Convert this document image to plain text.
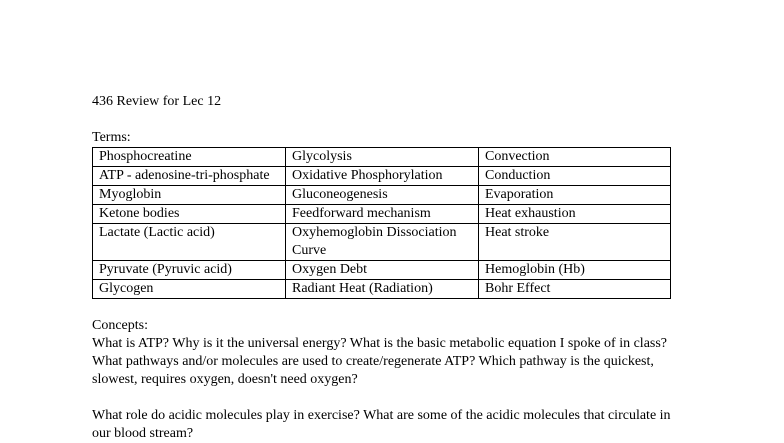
436 Review for Lec 12
Terms:
Phosphocreatine	Glycolysis	Convection
ATP - adenosine-tri-phosphate	Oxidative Phosphorylation	Conduction
Myoglobin	Gluconeogenesis	Evaporation
Ketone bodies	Feedforward mechanism	Heat exhaustion
Lactate (Lactic acid)	Oxyhemoglobin Dissociation Curve	Heat stroke
Pyruvate (Pyruvic acid)	Oxygen Debt	Hemoglobin (Hb)
Glycogen	Radiant Heat (Radiation)	Bohr Effect
Concepts:

What is ATP? Why is it the universal energy? What is the basic metabolic equation I spoke of in class? What pathways and/or molecules are used to create/regenerate ATP? Which pathway is the quickest, slowest, requires oxygen, doesn't need oxygen?

What role do acidic molecules play in exercise? What are some of the acidic molecules that circulate in our blood stream?
